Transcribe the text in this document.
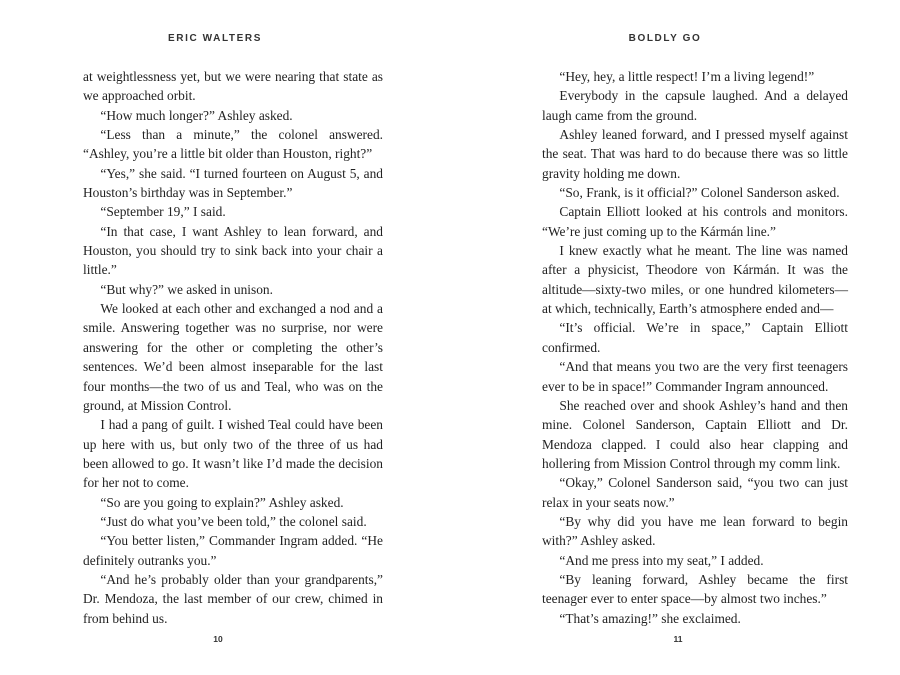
ERIC WALTERS

at weightlessness yet, but we were nearing that state as we approached orbit.

“How much longer?” Ashley asked.

“Less than a minute,” the colonel answered. “Ashley, you’re a little bit older than Houston, right?”

“Yes,” she said. “I turned fourteen on August 5, and Houston’s birthday was in September.”

“September 19,” I said.

“In that case, I want Ashley to lean forward, and Houston, you should try to sink back into your chair a little.”

“But why?” we asked in unison.

We looked at each other and exchanged a nod and a smile. Answering together was no surprise, nor were answering for the other or completing the other’s sentences. We’d been almost inseparable for the last four months—the two of us and Teal, who was on the ground, at Mission Control.

I had a pang of guilt. I wished Teal could have been up here with us, but only two of the three of us had been allowed to go. It wasn’t like I’d made the decision for her not to come.

“So are you going to explain?” Ashley asked.

“Just do what you’ve been told,” the colonel said.

“You better listen,” Commander Ingram added. “He definitely outranks you.”

“And he’s probably older than your grandparents,” Dr. Mendoza, the last member of our crew, chimed in from behind us.

10
BOLDLY GO

“Hey, hey, a little respect! I’m a living legend!”

Everybody in the capsule laughed. And a delayed laugh came from the ground.

Ashley leaned forward, and I pressed myself against the seat. That was hard to do because there was so little gravity holding me down.

“So, Frank, is it official?” Colonel Sanderson asked.

Captain Elliott looked at his controls and monitors. “We’re just coming up to the Kármán line.”

I knew exactly what he meant. The line was named after a physicist, Theodore von Kármán. It was the altitude—sixty-two miles, or one hundred kilometers—at which, technically, Earth’s atmosphere ended and—

“It’s official. We’re in space,” Captain Elliott confirmed.

“And that means you two are the very first teenagers ever to be in space!” Commander Ingram announced.

She reached over and shook Ashley’s hand and then mine. Colonel Sanderson, Captain Elliott and Dr. Mendoza clapped. I could also hear clapping and hollering from Mission Control through my comm link.

“Okay,” Colonel Sanderson said, “you two can just relax in your seats now.”

“By why did you have me lean forward to begin with?” Ashley asked.

“And me press into my seat,” I added.

“By leaning forward, Ashley became the first teenager ever to enter space—by almost two inches.”

“That’s amazing!” she exclaimed.

11
